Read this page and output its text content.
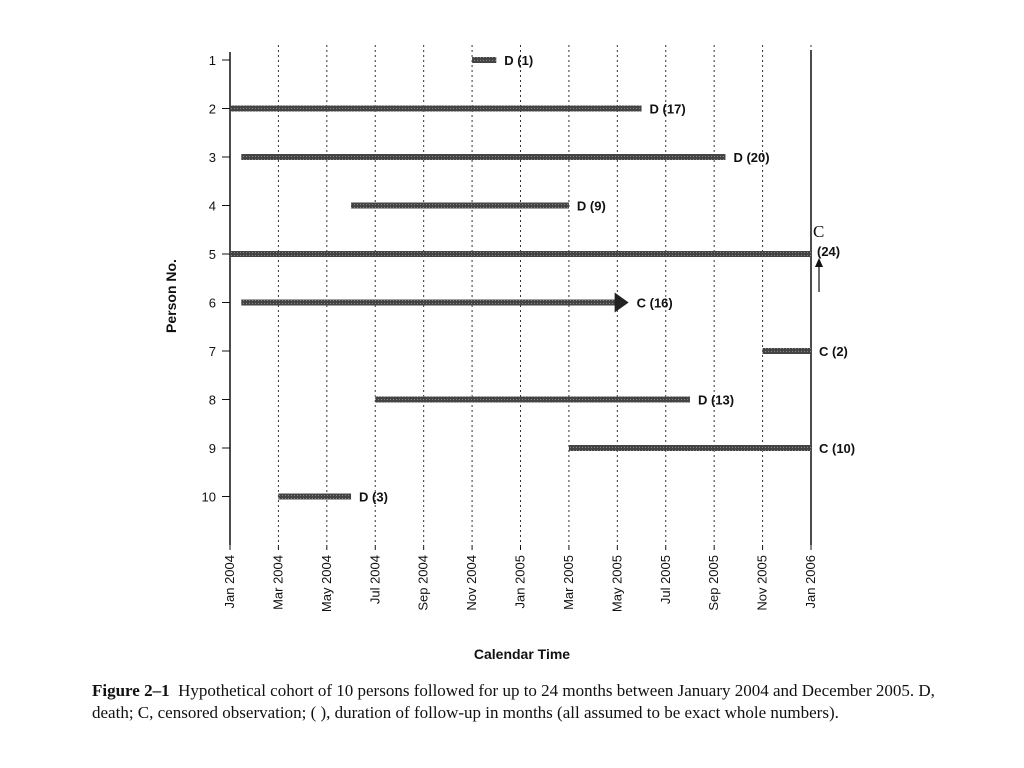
Jan 2004	Mar 2004	May 2004	Jul 2004	Sep 2004	Nov 2004	Jan 2005	Mar 2005	May 2005	Jul 2005	Sep 2005	Nov 2005	Jan 2006
1
2
3
4
5
6
7
8
9
10
D (1)
D (17)
D (20)
D (9)
C
(24)
C (16)
C (2)
D (13)
C (10)
D (3)
Calendar Time
Person No.
Figure 2–1 Hypothetical cohort of 10 persons followed for up to 24 months between January 2004 and December 2005. D, death; C, censored observation; ( ), duration of follow-up in months (all assumed to be exact whole numbers).
